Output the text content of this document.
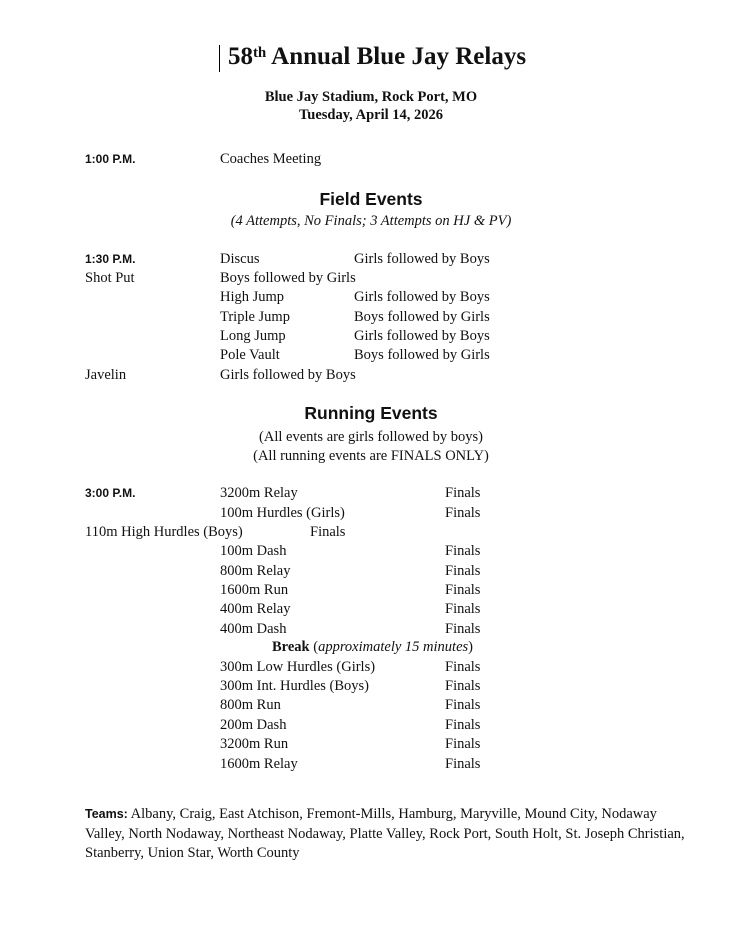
58th Annual Blue Jay Relays
Blue Jay Stadium, Rock Port, MO
Tuesday, April 14, 2026
1:00 P.M.	Coaches Meeting
Field Events
(4 Attempts, No Finals; 3 Attempts on HJ & PV)
1:30 P.M.	Discus	Girls followed by Boys
Shot Put	Boys followed by Girls
High Jump	Girls followed by Boys
Triple Jump	Boys followed by Girls
Long Jump	Girls followed by Boys
Pole Vault	Boys followed by Girls
Javelin	Girls followed by Boys
Running Events
(All events are girls followed by boys)
(All running events are FINALS ONLY)
3:00 P.M.	3200m Relay	Finals
100m Hurdles (Girls)	Finals
110m High Hurdles (Boys)	Finals
100m Dash	Finals
800m Relay	Finals
1600m Run	Finals
400m Relay	Finals
400m Dash	Finals
Break (approximately 15 minutes)
300m Low Hurdles (Girls)	Finals
300m Int. Hurdles (Boys)	Finals
800m Run	Finals
200m Dash	Finals
3200m Run	Finals
1600m Relay	Finals
Teams: Albany, Craig, East Atchison, Fremont-Mills, Hamburg, Maryville, Mound City, Nodaway Valley, North Nodaway, Northeast Nodaway, Platte Valley, Rock Port, South Holt, St. Joseph Christian, Stanberry, Union Star, Worth County
